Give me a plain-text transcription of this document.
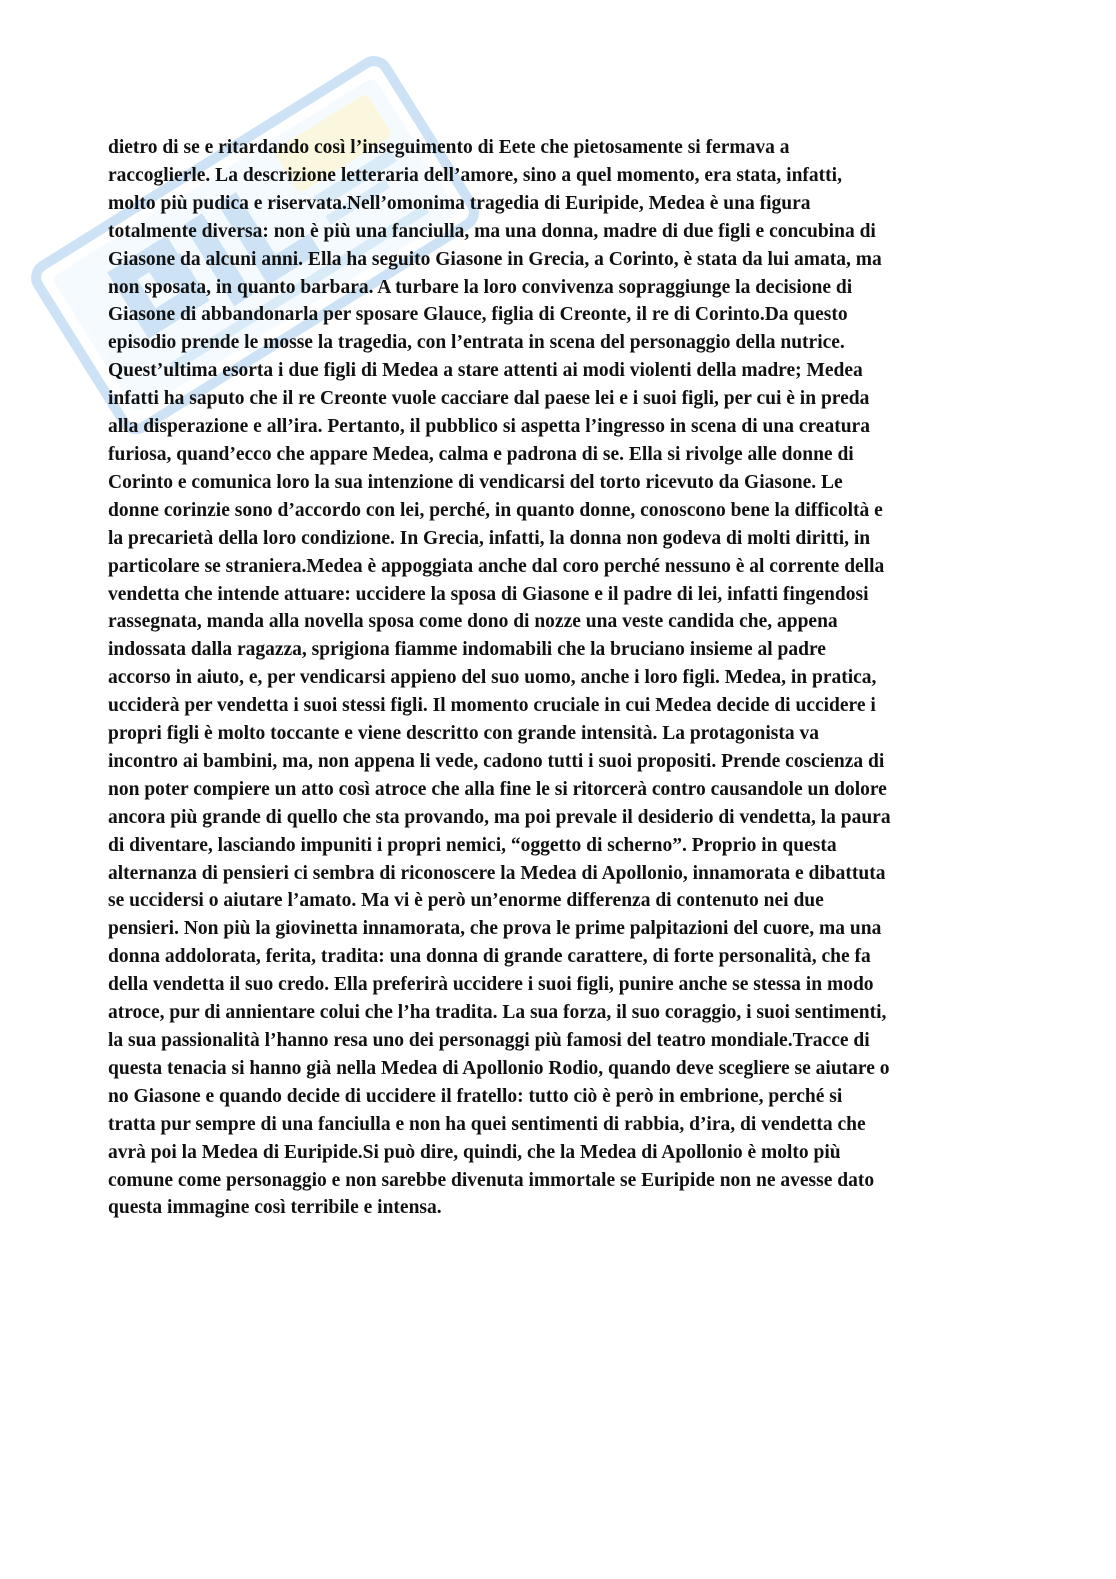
dietro di se e ritardando così l’inseguimento di Eete che pietosamente si fermava a
raccoglierle. La descrizione letteraria dell’amore, sino a quel momento, era stata, infatti,
molto più pudica e riservata.Nell’omonima tragedia di Euripide, Medea è una figura
totalmente diversa: non è più una fanciulla, ma una donna, madre di due figli e concubina di
Giasone da alcuni anni. Ella ha seguito Giasone in Grecia, a Corinto, è stata da lui amata, ma
non sposata, in quanto barbara. A turbare la loro convivenza sopraggiunge la decisione di
Giasone di abbandonarla per sposare Glauce, figlia di Creonte, il re di Corinto.Da questo
episodio prende le mosse la tragedia, con l’entrata in scena del personaggio della nutrice.
Quest’ultima esorta i due figli di Medea a stare attenti ai modi violenti della madre; Medea
infatti ha saputo che il re Creonte vuole cacciare dal paese lei e i suoi figli, per cui è in preda
alla disperazione e all’ira. Pertanto, il pubblico si aspetta l’ingresso in scena di una creatura
furiosa, quand’ecco che appare Medea, calma e padrona di se. Ella si rivolge alle donne di
Corinto e comunica loro la sua intenzione di vendicarsi del torto ricevuto da Giasone. Le
donne corinzie sono d’accordo con lei, perché, in quanto donne, conoscono bene la difficoltà e
la precarietà della loro condizione. In Grecia, infatti, la donna non godeva di molti diritti, in
particolare se straniera.Medea è appoggiata anche dal coro perché nessuno è al corrente della
vendetta che intende attuare: uccidere la sposa di Giasone e il padre di lei, infatti fingendosi
rassegnata, manda alla novella sposa come dono di nozze una veste candida che, appena
indossata dalla ragazza, sprigiona fiamme indomabili che la bruciano insieme al padre
accorso in aiuto, e, per vendicarsi appieno del suo uomo, anche i loro figli. Medea, in pratica,
ucciderà per vendetta i suoi stessi figli. Il momento cruciale in cui Medea decide di uccidere i
propri figli è molto toccante e viene descritto con grande intensità. La protagonista va
incontro ai bambini, ma, non appena li vede, cadono tutti i suoi propositi. Prende coscienza di
non poter compiere un atto così atroce che alla fine le si ritorcerà contro causandole un dolore
ancora più grande di quello che sta provando, ma poi prevale il desiderio di vendetta, la paura
di diventare, lasciando impuniti i propri nemici, “oggetto di scherno”. Proprio in questa
alternanza di pensieri ci sembra di riconoscere la Medea di Apollonio, innamorata e dibattuta
se uccidersi o aiutare l’amato. Ma vi è però un’enorme differenza di contenuto nei due
pensieri. Non più la giovinetta innamorata, che prova le prime palpitazioni del cuore, ma una
donna addolorata, ferita, tradita: una donna di grande carattere, di forte personalità, che fa
della vendetta il suo credo. Ella preferirà uccidere i suoi figli, punire anche se stessa in modo
atroce, pur di annientare colui che l’ha tradita. La sua forza, il suo coraggio, i suoi sentimenti,
la sua passionalità l’hanno resa uno dei personaggi più famosi del teatro mondiale.Tracce di
questa tenacia si hanno già nella Medea di Apollonio Rodio, quando deve scegliere se aiutare o
no Giasone e quando decide di uccidere il fratello: tutto ciò è però in embrione, perché si
tratta pur sempre di una fanciulla e non ha quei sentimenti di rabbia, d’ira, di vendetta che
avrà poi la Medea di Euripide.Si può dire, quindi, che la Medea di Apollonio è molto più
comune come personaggio e non sarebbe divenuta immortale se Euripide non ne avesse dato
questa immagine così terribile e intensa.
